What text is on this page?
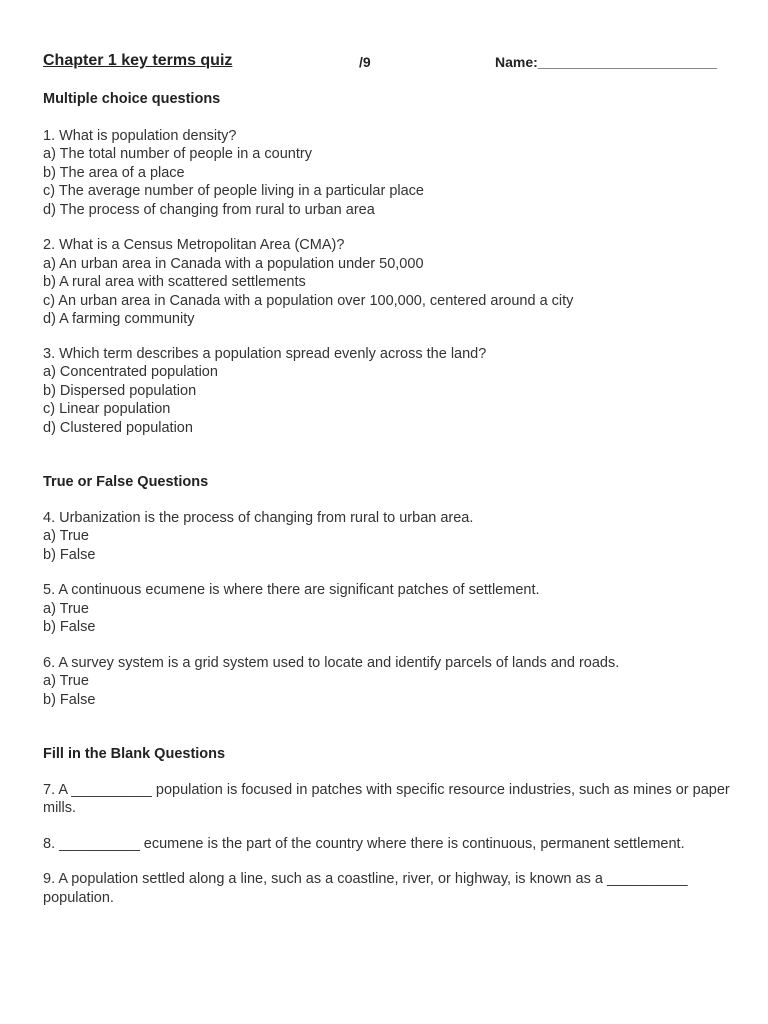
Chapter 1 key terms quiz	/9	Name:_______________________

Multiple choice questions

1. What is population density?
a) The total number of people in a country
b) The area of a place
c) The average number of people living in a particular place
d) The process of changing from rural to urban area
2. What is a Census Metropolitan Area (CMA)?
a) An urban area in Canada with a population under 50,000
b) A rural area with scattered settlements
c) An urban area in Canada with a population over 100,000, centered around a city
d) A farming community
3. Which term describes a population spread evenly across the land?
a) Concentrated population
b) Dispersed population
c) Linear population
d) Clustered population

True or False Questions

4. Urbanization is the process of changing from rural to urban area.
a) True
b) False
5. A continuous ecumene is where there are significant patches of settlement.
a) True
b) False
6. A survey system is a grid system used to locate and identify parcels of lands and roads.
a) True
b) False

Fill in the Blank Questions

7. A __________ population is focused in patches with specific resource industries, such as mines or paper mills.
8. __________ ecumene is the part of the country where there is continuous, permanent settlement.
9. A population settled along a line, such as a coastline, river, or highway, is known as a __________ population.
